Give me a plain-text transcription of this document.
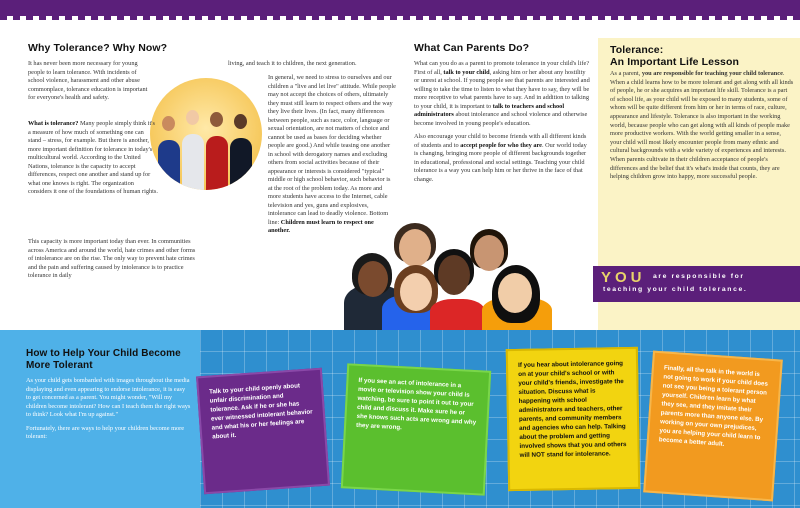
Why Tolerance? Why Now?

It has never been more necessary for young people to learn tolerance. With incidents of school violence, harassment and other abuse commonplace, tolerance education is important for everyone's health and safety.

What is tolerance? Many people simply think it's a measure of how much of something one can stand – stress, for example. But there is another, more important definition for tolerance in today's multicultural world. According to the United Nations, tolerance is the capacity to accept differences, respect one another and stand up for what one knows is right. The organization considers it one of the foundations of human rights.

This capacity is more important today than ever. In communities across America and around the world, hate crimes and other forms of intolerance are on the rise. The only way to prevent hate crimes and the pain and suffering caused by intolerance is to practice tolerance in daily

living, and teach it to children, the next generation.

In general, we need to stress to ourselves and our children a "live and let live" attitude. While people may not accept the choices of others, ultimately they must still learn to respect others and the way they live their lives. (In fact, many differences between people, such as race, color, language or sexual orientation, are not matters of choice and cannot be used as bases for deciding whether people are good.) And while teasing one another in school with derogatory names and excluding others from social activities because of their appearance or interests is considered "typical" middle or high school behavior, such behavior is at the root of the problem today. As more and more students have access to the Internet, cable television and yes, guns and explosives, intolerance can lead to deadly violence. Bottom line: Children must learn to respect one another.

What Can Parents Do?

What can you do as a parent to promote tolerance in your child's life? First of all, talk to your child, asking him or her about any hostility or unrest at school. If young people see that parents are interested and willing to take the time to listen to what they have to say, they will be more receptive to what parents have to say. And in addition to talking to your child, it is important to talk to teachers and school administrators about intolerance and school violence and otherwise become involved in young people's education.

Also encourage your child to become friends with all different kinds of students and to accept people for who they are. Our world today is changing, bringing more people of different backgrounds together in educational, professional and social settings. Teaching your child tolerance is a way you can help him or her thrive in the face of that change.

Tolerance:
An Important Life Lesson
As a parent, you are responsible for teaching your child tolerance. When a child learns how to be more tolerant and get along with all kinds of people, he or she acquires an important life skill. Tolerance is a part of school life, as your child will be exposed to many students, some of whom will be quite different from him or her in terms of race, culture, appearance and lifestyle. Tolerance is also important in the working world, because people who can get along with all kinds of people make more productive workers. With the world getting smaller in a sense, your child will most likely encounter people from many ethnic and cultural backgrounds with a wide variety of experiences and interests. When parents cultivate in their children acceptance of people's differences and the belief that it's what's inside that counts, they are helping children grow into happy, more successful people.
YOU are responsible for
teaching your child tolerance.
How to Help Your Child Become More Tolerant

As your child gets bombarded with images throughout the media displaying and even appearing to endorse intolerance, it is easy to get concerned as a parent. You might wonder, "Will my children become intolerant? How can I teach them the right ways to think? Look what I'm up against."

Fortunately, there are ways to help your children become more tolerant:

Talk to your child openly about unfair discrimination and tolerance. Ask if he or she has ever witnessed intolerant behavior and what his or her feelings are about it.
If you see an act of intolerance in a movie or television show your child is watching, be sure to point it out to your child and discuss it. Make sure he or she knows such acts are wrong and why they are wrong.
If you hear about intolerance going on at your child's school or with your child's friends, investigate the situation. Discuss what is happening with school administrators and teachers, other parents, and community members and agencies who can help. Talking about the problem and getting involved shows that you and others will NOT stand for intolerance.
Finally, all the talk in the world is not going to work if your child does not see you being a tolerant person yourself. Children learn by what they see, and they imitate their parents more than anyone else. By working on your own prejudices, you are helping your child learn to become a better adult.
